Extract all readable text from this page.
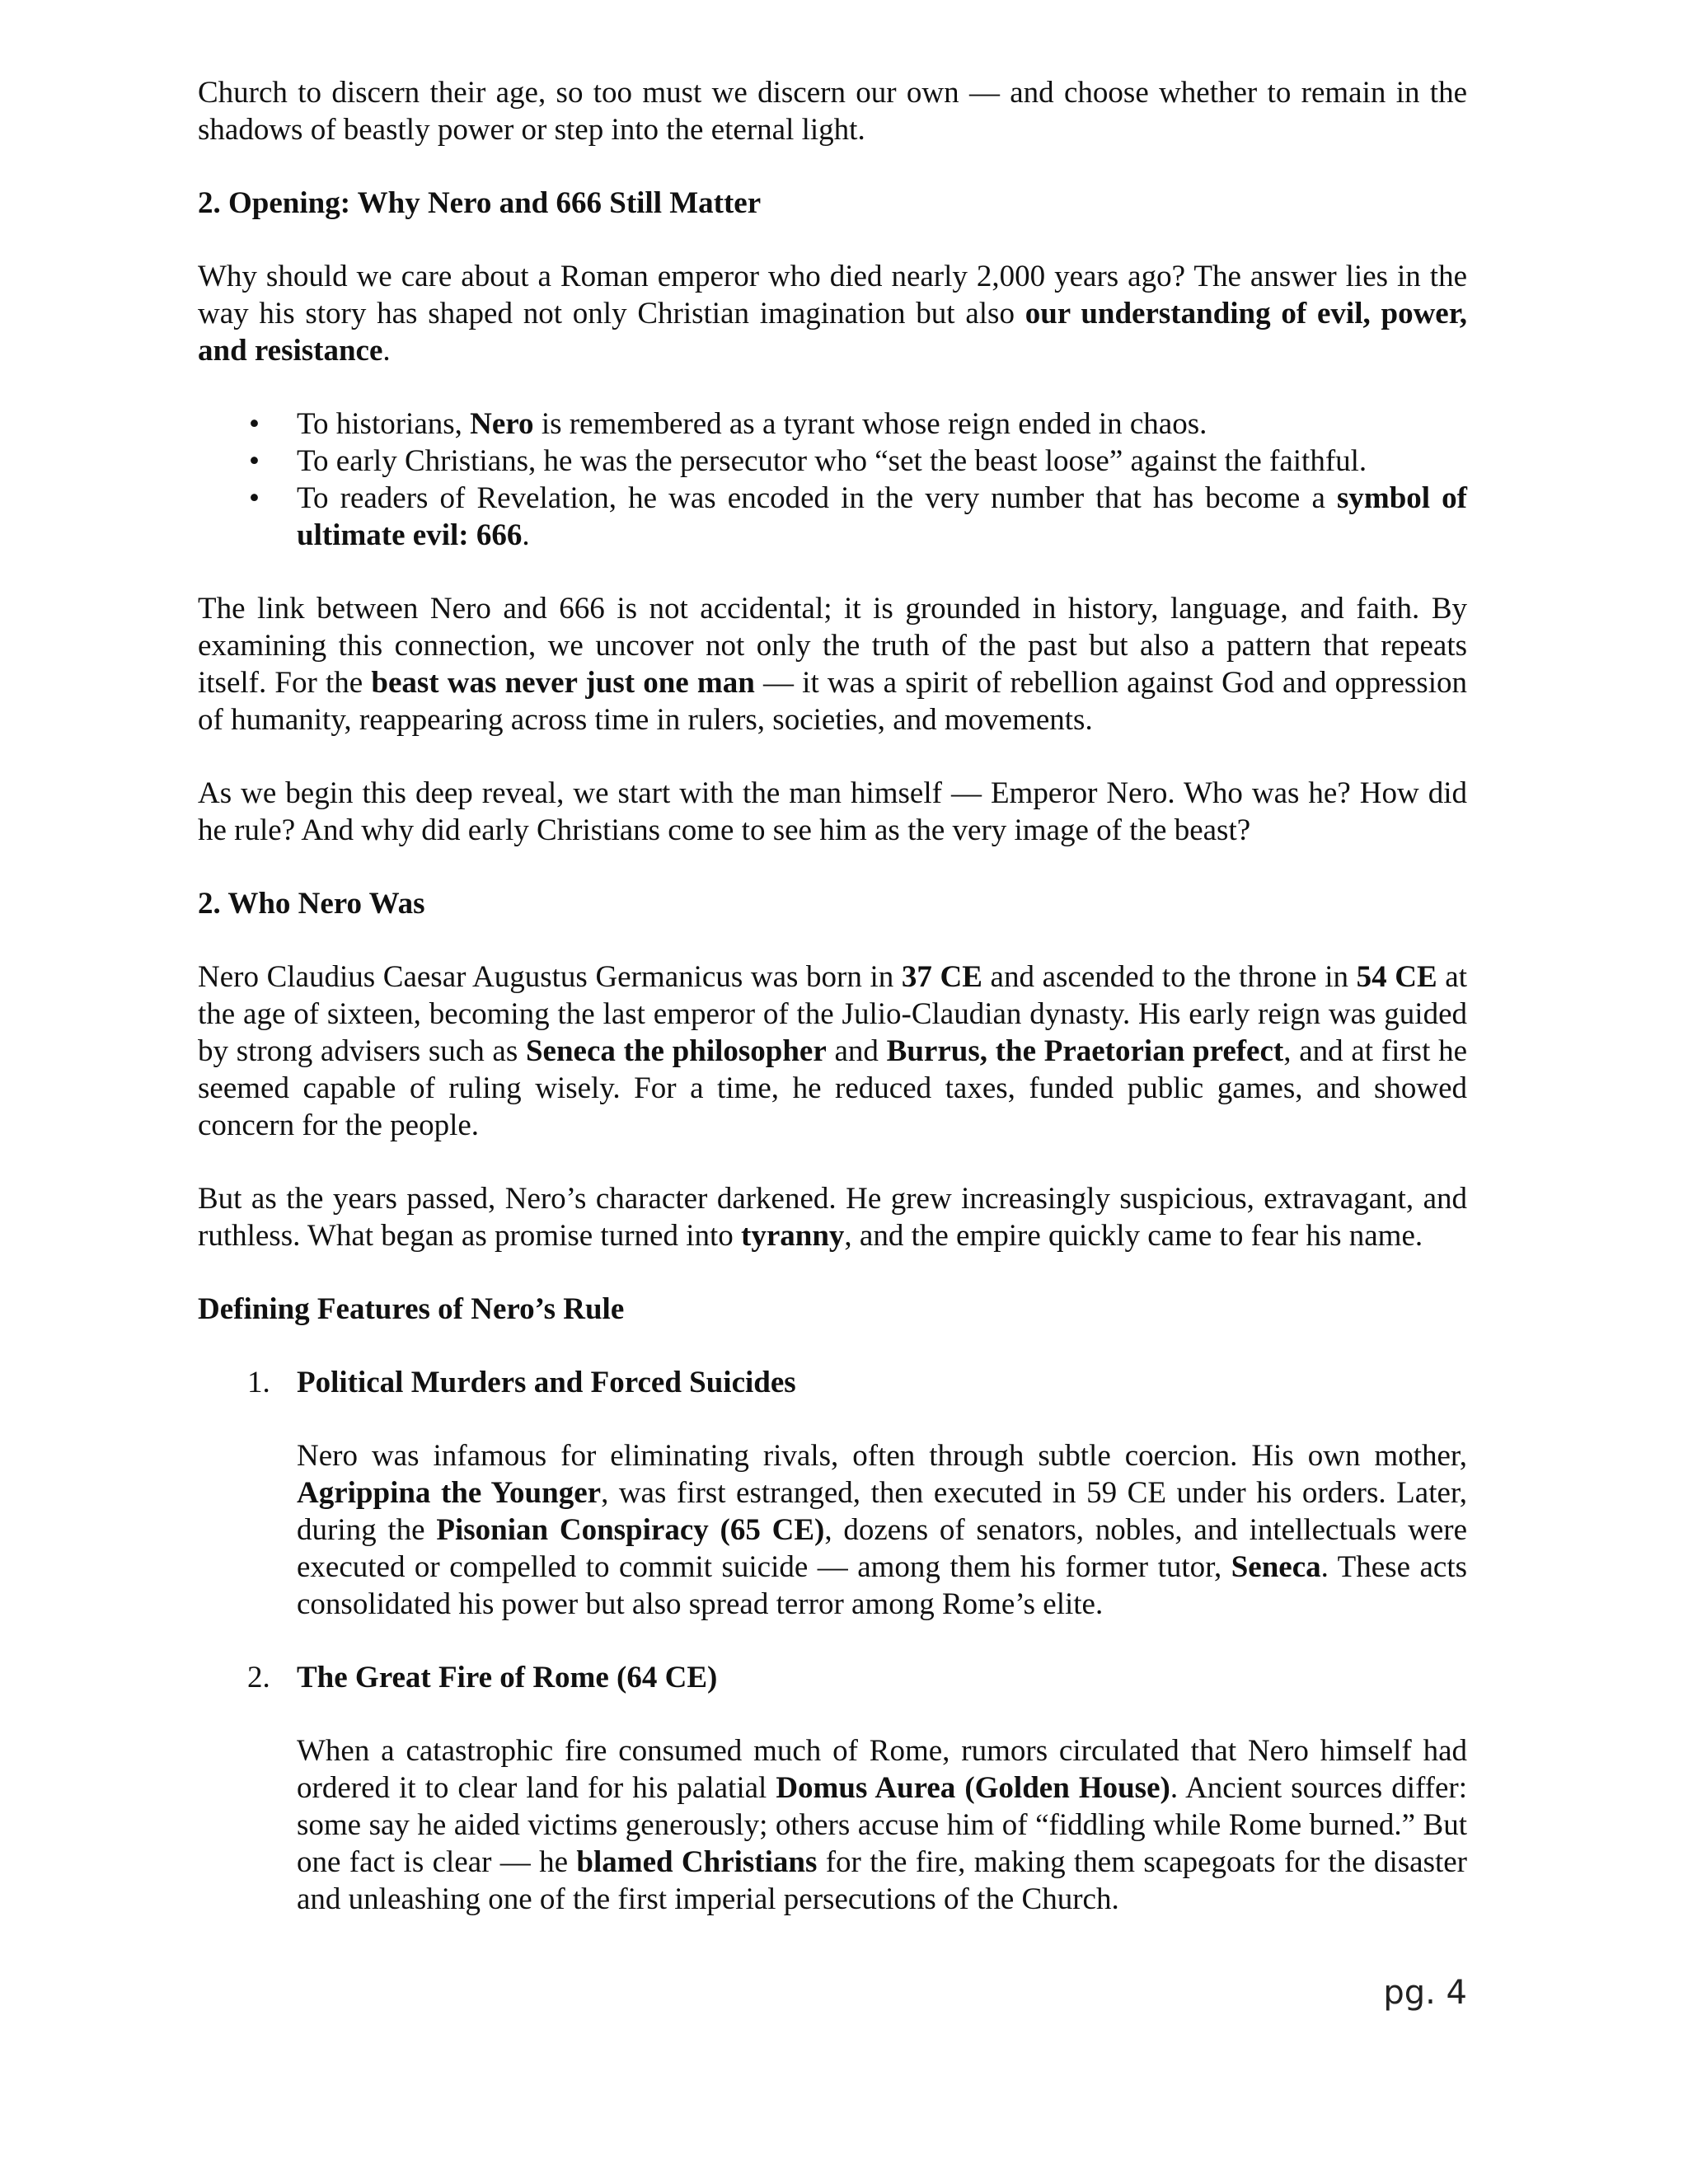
Church to discern their age, so too must we discern our own — and choose whether to remain in the shadows of beastly power or step into the eternal light.

2. Opening: Why Nero and 666 Still Matter

Why should we care about a Roman emperor who died nearly 2,000 years ago? The answer lies in the way his story has shaped not only Christian imagination but also our understanding of evil, power, and resistance.

• To historians, Nero is remembered as a tyrant whose reign ended in chaos.
• To early Christians, he was the persecutor who “set the beast loose” against the faithful.
• To readers of Revelation, he was encoded in the very number that has become a symbol of ultimate evil: 666.

The link between Nero and 666 is not accidental; it is grounded in history, language, and faith. By examining this connection, we uncover not only the truth of the past but also a pattern that repeats itself. For the beast was never just one man — it was a spirit of rebellion against God and oppression of humanity, reappearing across time in rulers, societies, and movements.

As we begin this deep reveal, we start with the man himself — Emperor Nero. Who was he? How did he rule? And why did early Christians come to see him as the very image of the beast?

2. Who Nero Was

Nero Claudius Caesar Augustus Germanicus was born in 37 CE and ascended to the throne in 54 CE at the age of sixteen, becoming the last emperor of the Julio-Claudian dynasty. His early reign was guided by strong advisers such as Seneca the philosopher and Burrus, the Praetorian prefect, and at first he seemed capable of ruling wisely. For a time, he reduced taxes, funded public games, and showed concern for the people.

But as the years passed, Nero’s character darkened. He grew increasingly suspicious, extravagant, and ruthless. What began as promise turned into tyranny, and the empire quickly came to fear his name.

Defining Features of Nero’s Rule

1. Political Murders and Forced Suicides

Nero was infamous for eliminating rivals, often through subtle coercion. His own mother, Agrippina the Younger, was first estranged, then executed in 59 CE under his orders. Later, during the Pisonian Conspiracy (65 CE), dozens of senators, nobles, and intellectuals were executed or compelled to commit suicide — among them his former tutor, Seneca. These acts consolidated his power but also spread terror among Rome’s elite.

2. The Great Fire of Rome (64 CE)

When a catastrophic fire consumed much of Rome, rumors circulated that Nero himself had ordered it to clear land for his palatial Domus Aurea (Golden House). Ancient sources differ: some say he aided victims generously; others accuse him of “fiddling while Rome burned.” But one fact is clear — he blamed Christians for the fire, making them scapegoats for the disaster and unleashing one of the first imperial persecutions of the Church.

pg. 4
